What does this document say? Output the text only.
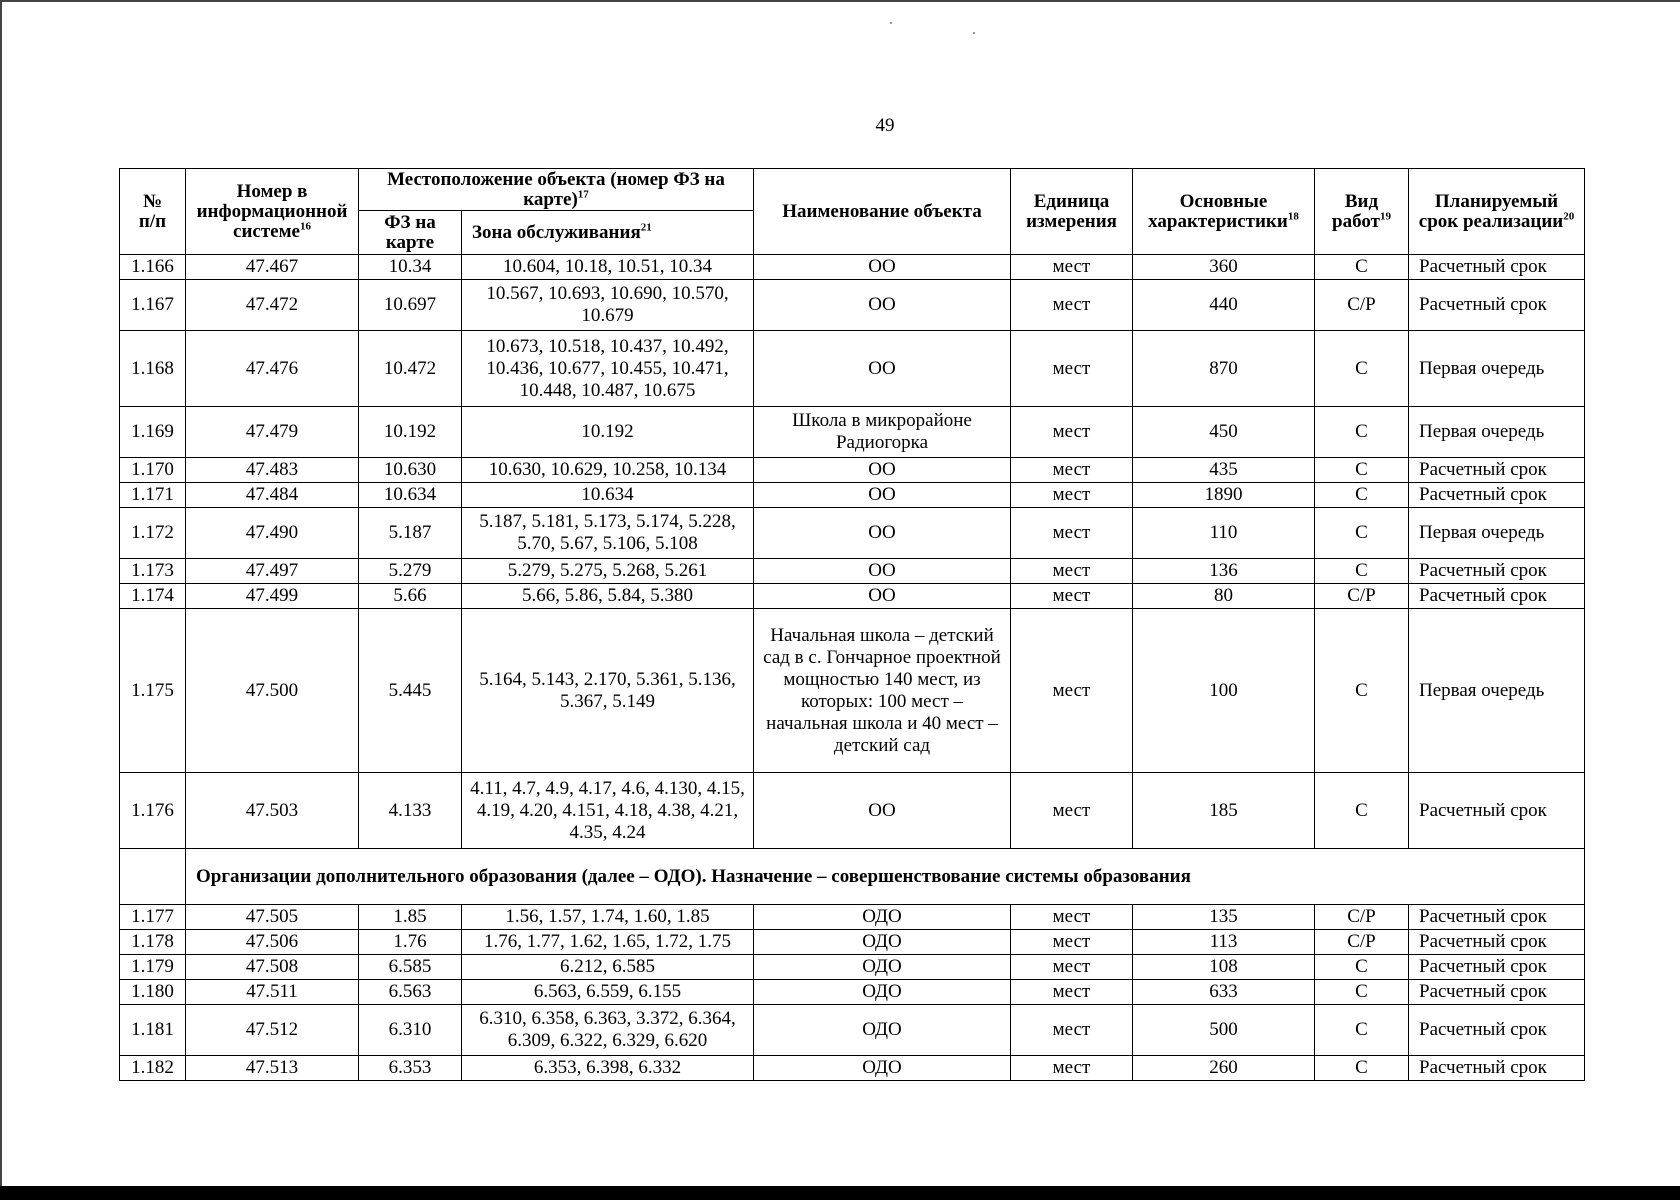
49
№
п/п	Номер в информационной системе$^{16}$	Местоположение объекта (номер ФЗ на карте)$^{17}$		Наименование объекта	Единица измерения	Основные характеристики$^{18}$	Вид работ$^{19}$	Планируемый срок реализации$^{20}$
		ФЗ на карте	Зона обслуживания$^{21}$
1.166	47.467	10.34	10.604, 10.18, 10.51, 10.34	ОО	мест	360	С	Расчетный срок
1.167	47.472	10.697	10.567, 10.693, 10.690, 10.570, 10.679	ОО	мест	440	С/Р	Расчетный срок
1.168	47.476	10.472	10.673, 10.518, 10.437, 10.492, 10.436, 10.677, 10.455, 10.471, 10.448, 10.487, 10.675	ОО	мест	870	С	Первая очередь
1.169	47.479	10.192	10.192	Школа в микрорайоне Радиогорка	мест	450	С	Первая очередь
1.170	47.483	10.630	10.630, 10.629, 10.258, 10.134	ОО	мест	435	С	Расчетный срок
1.171	47.484	10.634	10.634	ОО	мест	1890	С	Расчетный срок
1.172	47.490	5.187	5.187, 5.181, 5.173, 5.174, 5.228, 5.70, 5.67, 5.106, 5.108	ОО	мест	110	С	Первая очередь
1.173	47.497	5.279	5.279, 5.275, 5.268, 5.261	ОО	мест	136	С	Расчетный срок
1.174	47.499	5.66	5.66, 5.86, 5.84, 5.380	ОО	мест	80	С/Р	Расчетный срок
1.175	47.500	5.445	5.164, 5.143, 2.170, 5.361, 5.136, 5.367, 5.149	Начальная школа – детский сад в с. Гончарное проектной мощностью 140 мест, из которых: 100 мест – начальная школа и 40 мест – детский сад	мест	100	С	Первая очередь
1.176	47.503	4.133	4.11, 4.7, 4.9, 4.17, 4.6, 4.130, 4.15, 4.19, 4.20, 4.151, 4.18, 4.38, 4.21, 4.35, 4.24	ОО	мест	185	С	Расчетный срок
	Организации дополнительного образования (далее – ОДО). Назначение – совершенствование системы образования							
1.177	47.505	1.85	1.56, 1.57, 1.74, 1.60, 1.85	ОДО	мест	135	С/Р	Расчетный срок
1.178	47.506	1.76	1.76, 1.77, 1.62, 1.65, 1.72, 1.75	ОДО	мест	113	С/Р	Расчетный срок
1.179	47.508	6.585	6.212, 6.585	ОДО	мест	108	С	Расчетный срок
1.180	47.511	6.563	6.563, 6.559, 6.155	ОДО	мест	633	С	Расчетный срок
1.181	47.512	6.310	6.310, 6.358, 6.363, 3.372, 6.364, 6.309, 6.322, 6.329, 6.620	ОДО	мест	500	С	Расчетный срок
1.182	47.513	6.353	6.353, 6.398, 6.332	ОДО	мест	260	С	Расчетный срок
